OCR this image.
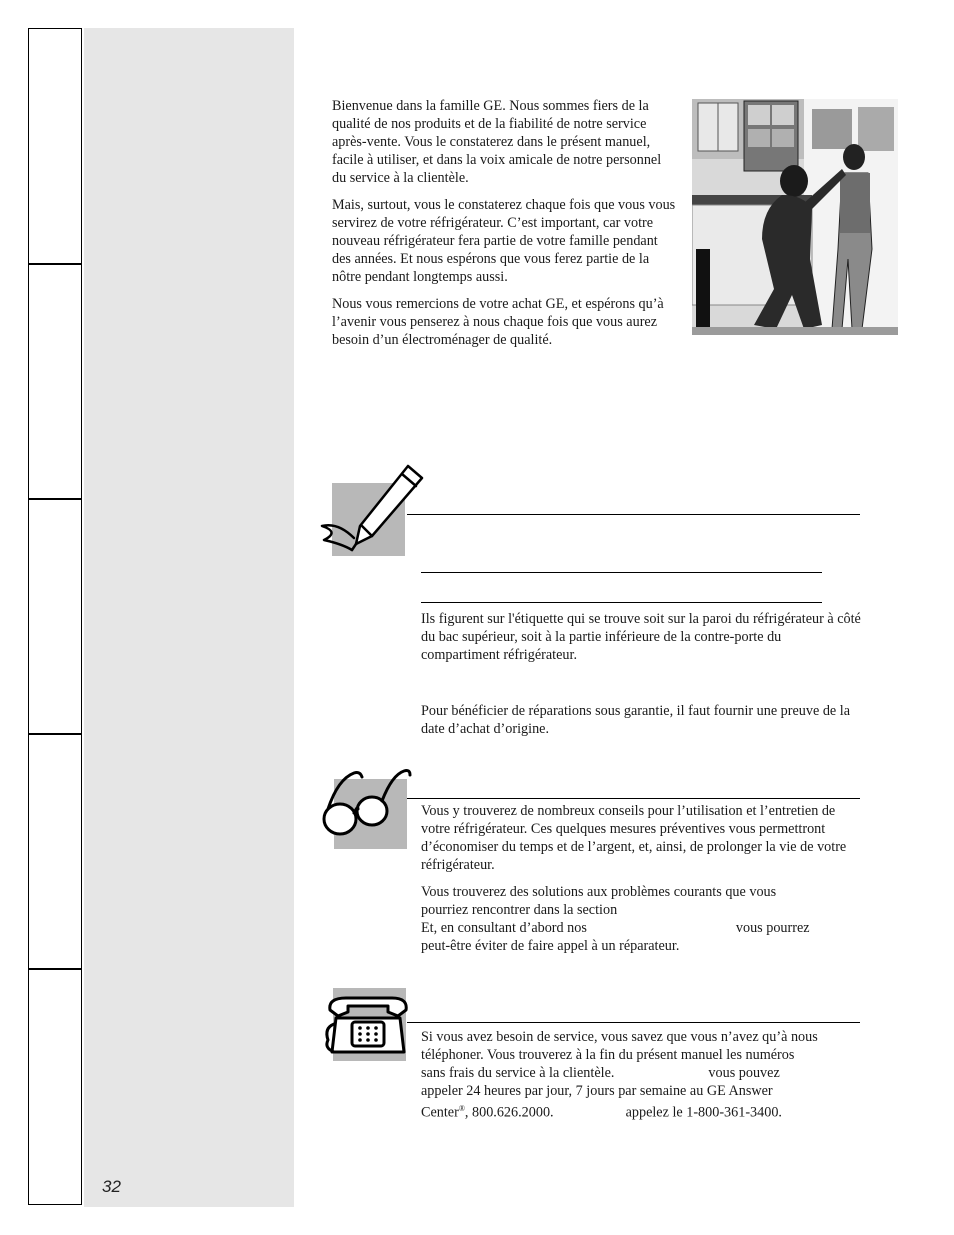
32

Bienvenue dans la famille GE. Nous sommes fiers de la qualité de nos produits et de la fiabilité de notre service après-vente. Vous le constaterez dans le présent manuel, facile à utiliser, et dans la voix amicale de notre personnel du service à la clientèle.

Mais, surtout, vous le constaterez chaque fois que vous vous servirez de votre réfrigérateur. C’est important, car votre nouveau réfrigérateur fera partie de votre famille pendant des années. Et nous espérons que vous ferez partie de la nôtre pendant longtemps aussi.

Nous vous remercions de votre achat GE, et espérons qu’à l’avenir vous penserez à nous chaque fois que vous aurez besoin d’un électroménager de qualité.

Ils figurent sur l'étiquette qui se trouve soit sur la paroi du réfrigérateur à côté du bac supérieur, soit à la partie inférieure de la contre-porte du compartiment réfrigérateur.
Pour bénéficier de réparations sous garantie, il faut fournir une preuve de la date d’achat d’origine.

Vous y trouverez de nombreux conseils pour l’utilisation et l’entretien de votre réfrigérateur. Ces quelques mesures préventives vous permettront d’économiser du temps et de l’argent, et, ainsi, de prolonger la vie de votre réfrigérateur.

Vous trouverez des solutions aux problèmes courants que vous
pourriez rencontrer dans la section
Et, en consultant d’abord nos	vous pourrez
peut-être éviter de faire appel à un réparateur.
Si vous avez besoin de service, vous savez que vous n’avez qu’à nous
téléphoner. Vous trouverez à la fin du présent manuel les numéros
sans frais du service à la clientèle.	vous pouvez
appeler 24 heures par jour, 7 jours par semaine au GE Answer
Center®, 800.626.2000.	appelez le 1-800-361-3400.
